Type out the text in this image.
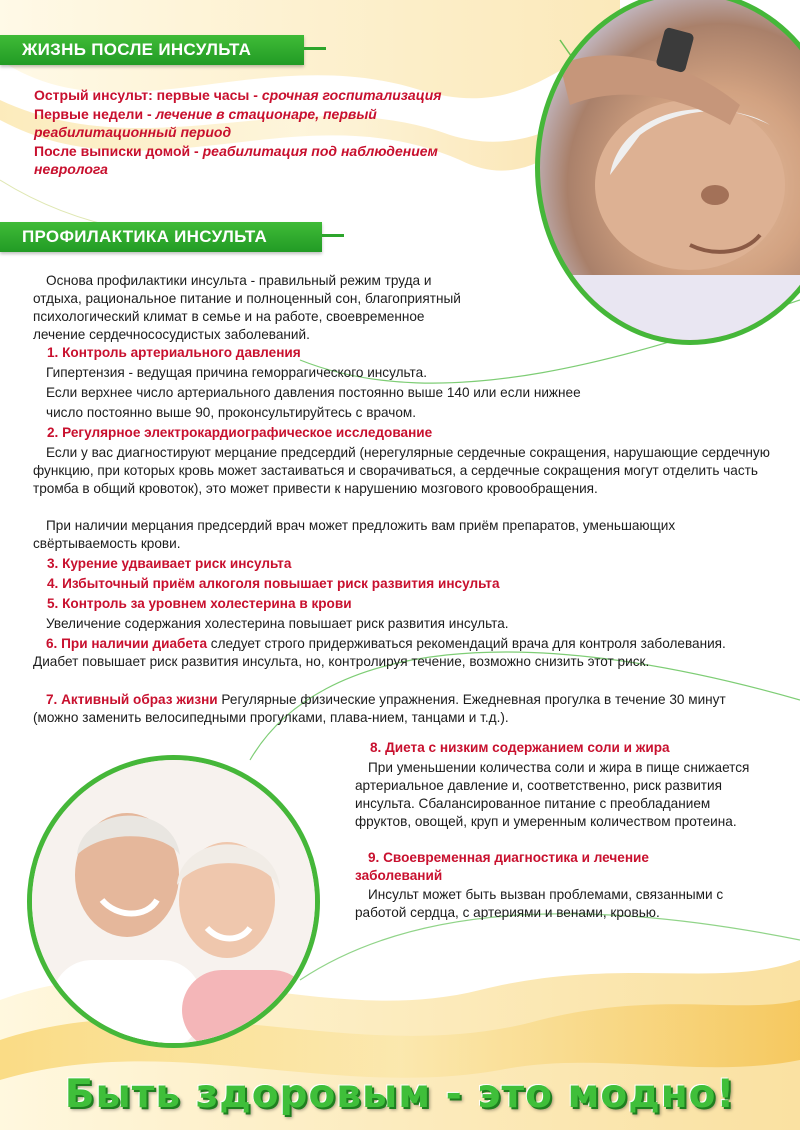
ЖИЗНЬ ПОСЛЕ ИНСУЛЬТА
Острый инсульт: первые часы - срочная госпитализация
Первые недели - лечение в стационаре, первый реабилитационный период
После выписки домой - реабилитация под наблюдением невролога
ПРОФИЛАКТИКА ИНСУЛЬТА
Основа профилактики инсульта - правильный режим труда и отдыха, рациональное питание и полноценный сон, благоприятный психологический климат в семье и на работе, своевременное лечение сердечнососудистых заболеваний.
1. Контроль артериального давления
Гипертензия - ведущая причина геморрагического инсульта.
Если верхнее число артериального давления постоянно выше 140 или если нижнее
число постоянно выше 90, проконсультируйтесь с врачом.
2. Регулярное электрокардиографическое исследование
Если у вас диагностируют мерцание предсердий (нерегулярные сердечные сокращения, нарушающие сердечную функцию, при которых кровь может застаиваться и сворачиваться, а сердечные сокращения могут отделить часть тромба в общий кровоток), это может привести к нарушению мозгового кровообращения.
При наличии мерцания предсердий врач может предложить вам приём препаратов, уменьшающих свёртываемость крови.
3. Курение удваивает риск инсульта
4. Избыточный приём алкоголя повышает риск развития инсульта
5. Контроль за уровнем холестерина в крови
Увеличение содержания холестерина повышает риск развития инсульта.
6. При наличии диабета следует строго придерживаться рекомендаций врача для контроля заболевания. Диабет повышает риск развития инсульта, но, контролируя течение, возможно снизить этот риск.
7. Активный образ жизни Регулярные физические упражнения. Ежедневная прогулка в течение 30 минут (можно заменить велосипедными прогулками, плава-нием, танцами и т.д.).
8. Диета с низким содержанием соли и жира
При уменьшении количества соли и жира в пище снижается артериальное давление и, соответственно, риск развития инсульта. Сбалансированное питание с преобладанием фруктов, овощей, круп и умеренным количеством протеина.
9. Своевременная диагностика и лечение заболеваний
Инсульт может быть вызван проблемами, связанными с работой сердца, с артериями и венами, кровью.
Быть здоровым - это модно!
